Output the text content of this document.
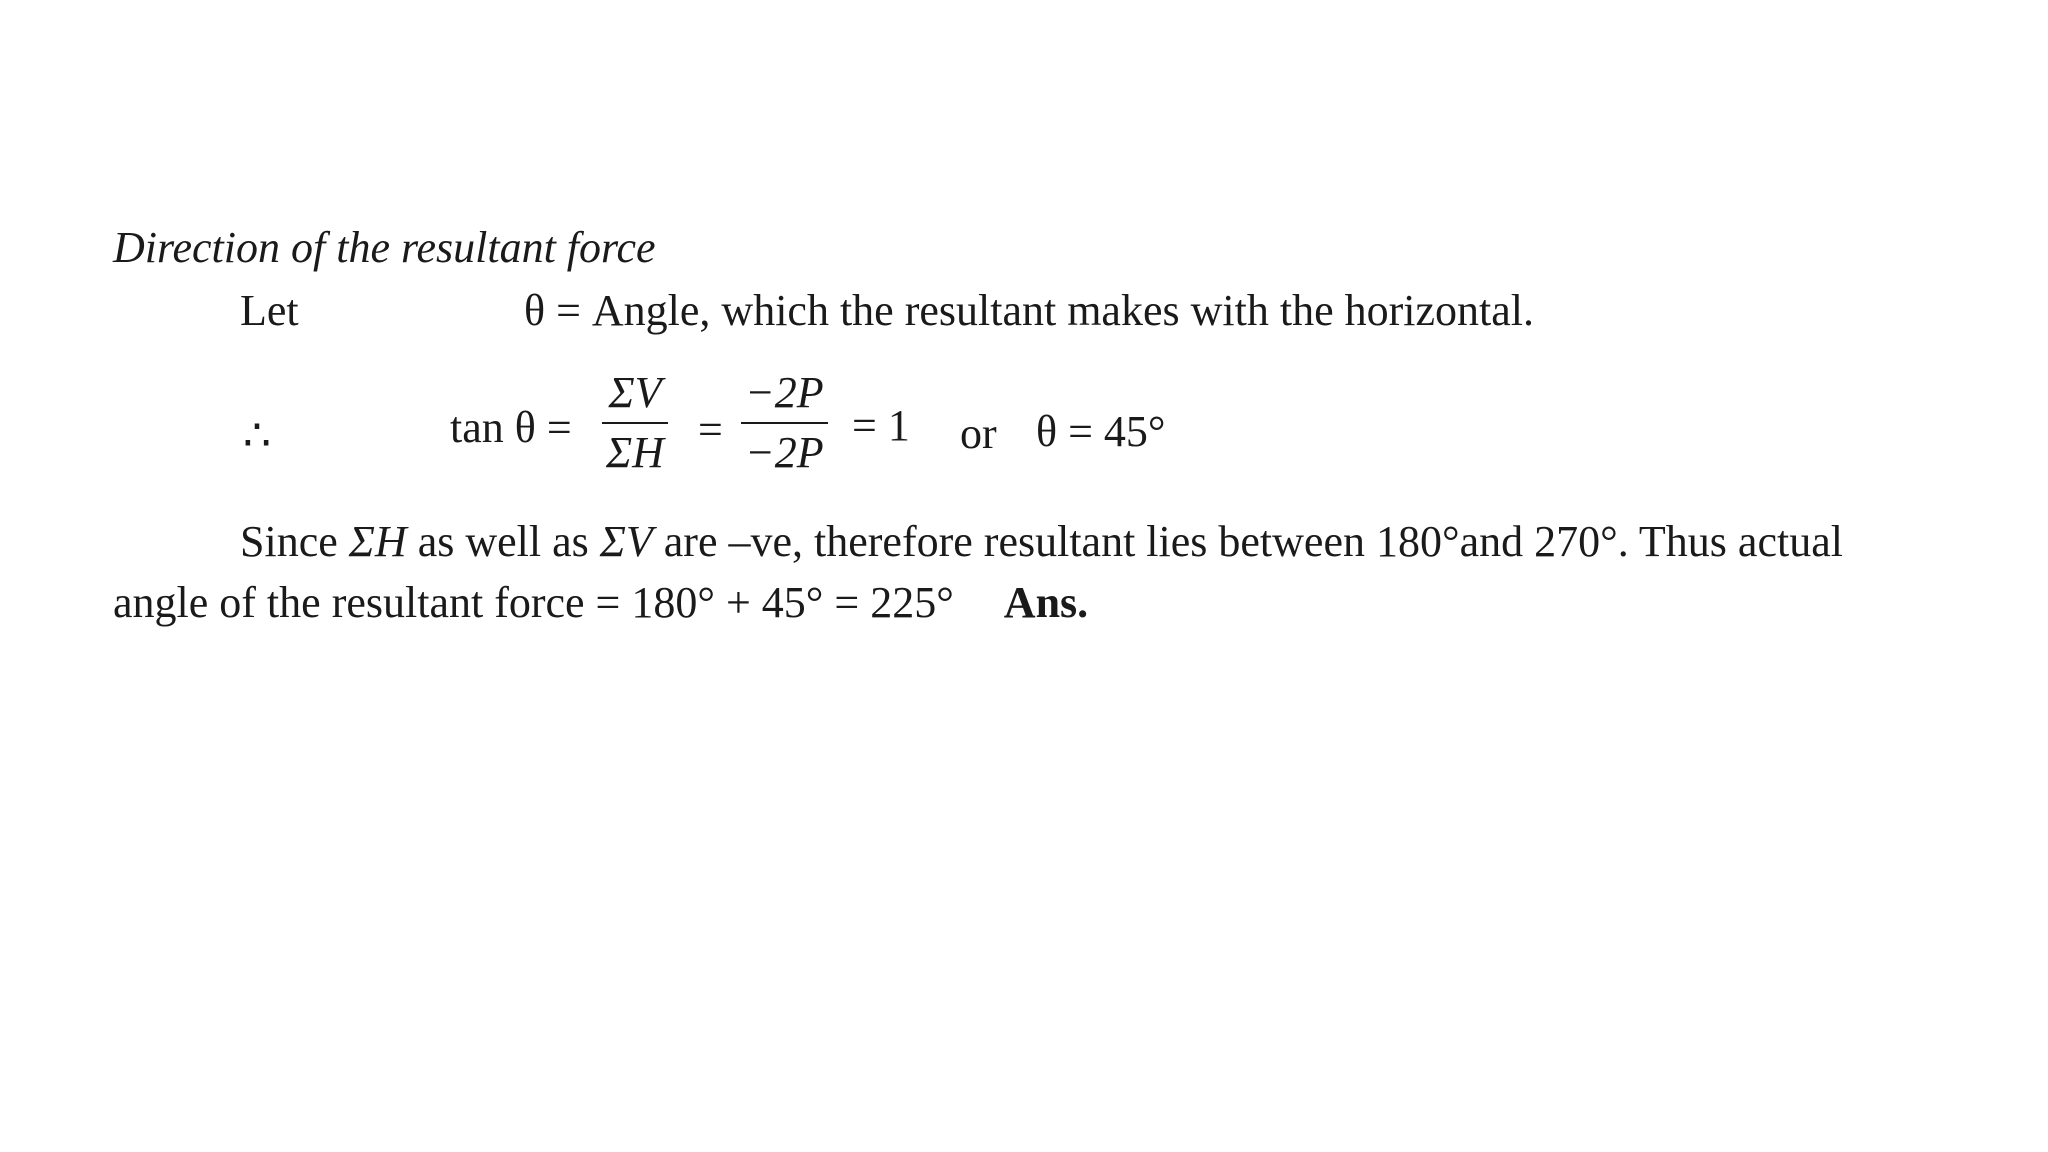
Direction of the resultant force
Let	θ = Angle, which the resultant makes with the horizontal.
∴	tan θ =
ΣV
ΣH =
−2P
−2P
= 1 or θ = 45°
Since ΣH as well as ΣV are –ve, therefore resultant lies between 180°and 270°. Thus actual
angle of the resultant force = 180° + 45° = 225° Ans.
